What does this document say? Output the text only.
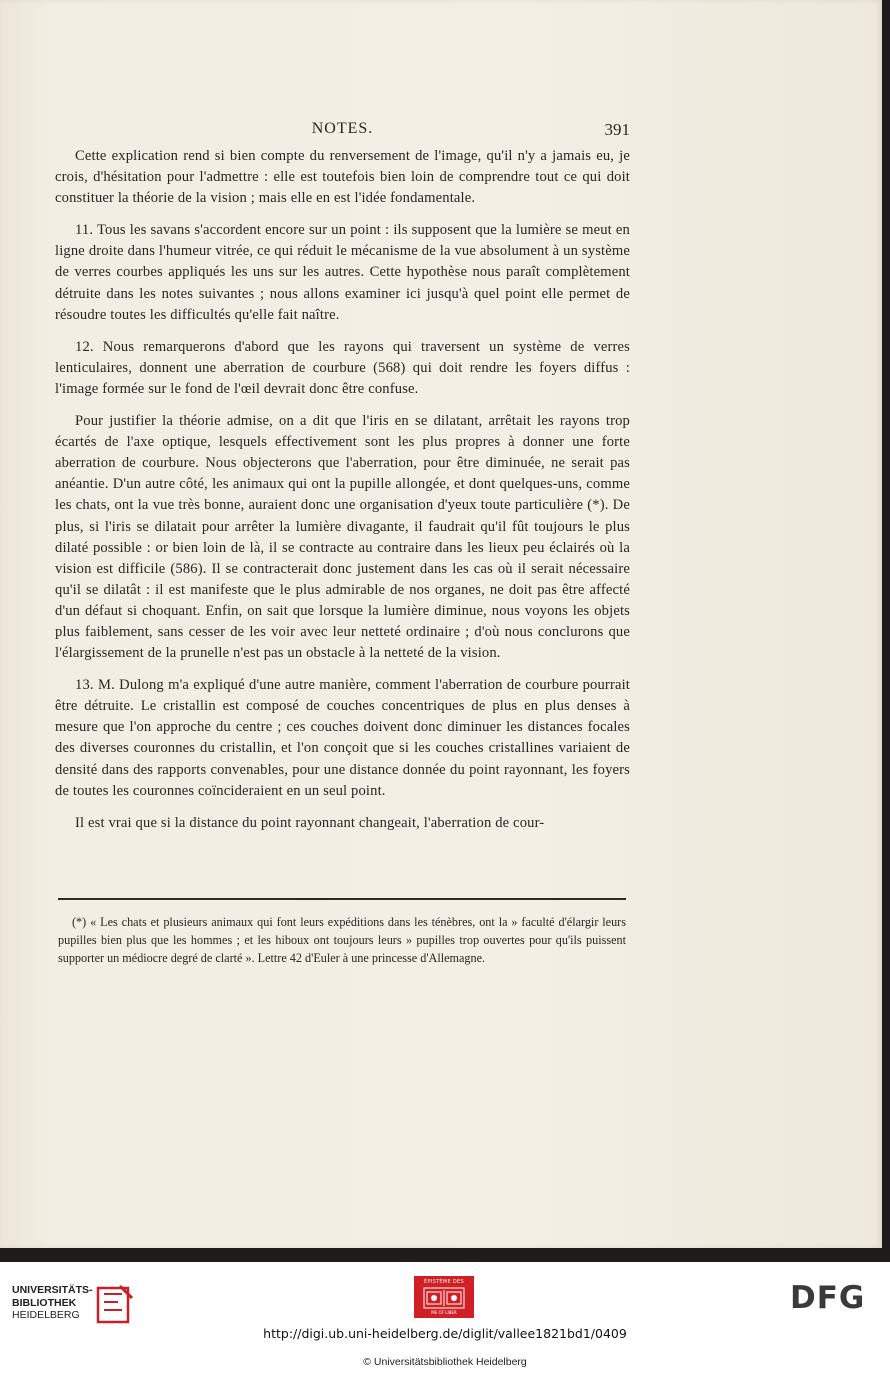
NOTES.	391

Cette explication rend si bien compte du renversement de l'image, qu'il n'y a jamais eu, je crois, d'hésitation pour l'admettre : elle est toutefois bien loin de comprendre tout ce qui doit constituer la théorie de la vision ; mais elle en est l'idée fondamentale.

11. Tous les savans s'accordent encore sur un point : ils supposent que la lumière se meut en ligne droite dans l'humeur vitrée, ce qui réduit le mécanisme de la vue absolument à un système de verres courbes appliqués les uns sur les autres. Cette hypothèse nous paraît complètement détruite dans les notes suivantes ; nous allons examiner ici jusqu'à quel point elle permet de résoudre toutes les difficultés qu'elle fait naître.

12. Nous remarquerons d'abord que les rayons qui traversent un système de verres lenticulaires, donnent une aberration de courbure (568) qui doit rendre les foyers diffus : l'image formée sur le fond de l'œil devrait donc être confuse.

Pour justifier la théorie admise, on a dit que l'iris en se dilatant, arrêtait les rayons trop écartés de l'axe optique, lesquels effectivement sont les plus propres à donner une forte aberration de courbure. Nous objecterons que l'aberration, pour être diminuée, ne serait pas anéantie. D'un autre côté, les animaux qui ont la pupille allongée, et dont quelques-uns, comme les chats, ont la vue très bonne, auraient donc une organisation d'yeux toute particulière (*). De plus, si l'iris se dilatait pour arrêter la lumière divagante, il faudrait qu'il fût toujours le plus dilaté possible : or bien loin de là, il se contracte au contraire dans les lieux peu éclairés où la vision est difficile (586). Il se contracterait donc justement dans les cas où il serait nécessaire qu'il se dilatât : il est manifeste que le plus admirable de nos organes, ne doit pas être affecté d'un défaut si choquant. Enfin, on sait que lorsque la lumière diminue, nous voyons les objets plus faiblement, sans cesser de les voir avec leur netteté ordinaire ; d'où nous conclurons que l'élargissement de la prunelle n'est pas un obstacle à la netteté de la vision.

13. M. Dulong m'a expliqué d'une autre manière, comment l'aberration de courbure pourrait être détruite. Le cristallin est composé de couches concentriques de plus en plus denses à mesure que l'on approche du centre ; ces couches doivent donc diminuer les distances focales des diverses couronnes du cristallin, et l'on conçoit que si les couches cristallines variaient de densité dans des rapports convenables, pour une distance donnée du point rayonnant, les foyers de toutes les couronnes coïncideraient en un seul point.

Il est vrai que si la distance du point rayonnant changeait, l'aberration de cour-

(*) « Les chats et plusieurs animaux qui font leurs expéditions dans les ténèbres, ont la » faculté d'élargir leurs pupilles bien plus que les hommes ; et les hiboux ont toujours leurs » pupilles trop ouvertes pour qu'ils puissent supporter un médiocre degré de clarté ». Lettre 42 d'Euler à une princesse d'Allemagne.

UNIVERSITÄTS-
BIBLIOTHEK
HEIDELBERG
ÉPISTÈME DES
ME OF LIBER	DFG
http://digi.ub.uni-heidelberg.de/diglit/vallee1821bd1/0409
© Universitätsbibliothek Heidelberg
